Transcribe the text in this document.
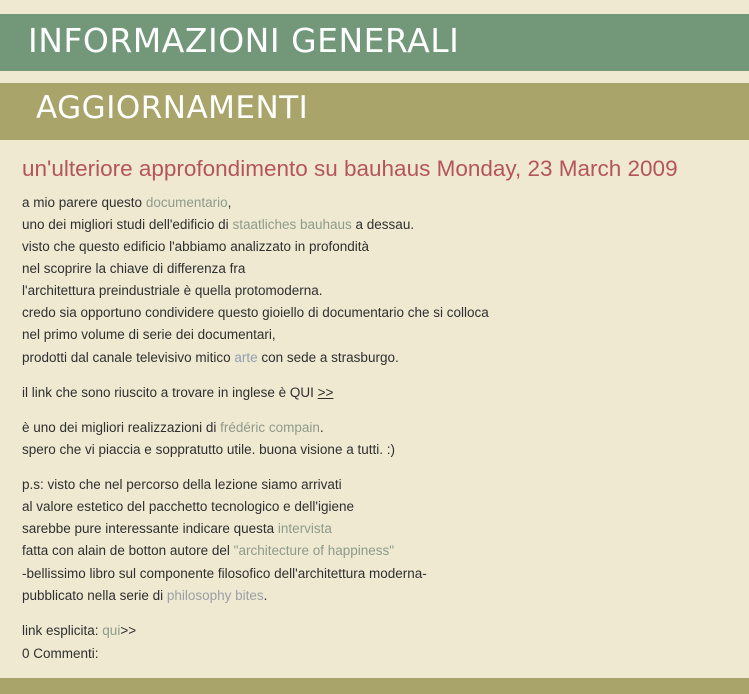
INFORMAZIONI GENERALI
AGGIORNAMENTI
un'ulteriore approfondimento su bauhaus Monday, 23 March 2009

a mio parere questo documentario,

uno dei migliori studi dell'edificio di staatliches bauhaus a dessau.

visto che questo edificio l'abbiamo analizzato in profondità

nel scoprire la chiave di differenza fra

l'architettura preindustriale è quella protomoderna.

credo sia opportuno condividere questo gioiello di documentario che si colloca

nel primo volume di serie dei documentari,

prodotti dal canale televisivo mitico arte con sede a strasburgo.

il link che sono riuscito a trovare in inglese è QUI >>

è uno dei migliori realizzazioni di frédéric compain.

spero che vi piaccia e soppratutto utile. buona visione a tutti. :)

p.s: visto che nel percorso della lezione siamo arrivati

al valore estetico del pacchetto tecnologico e dell'igiene

sarebbe pure interessante indicare questa intervista

fatta con alain de botton autore del "architecture of happiness"

-bellissimo libro sul componente filosofico dell'architettura moderna-

pubblicato nella serie di philosophy bites.

link esplicita: qui>>

0 Commenti:
